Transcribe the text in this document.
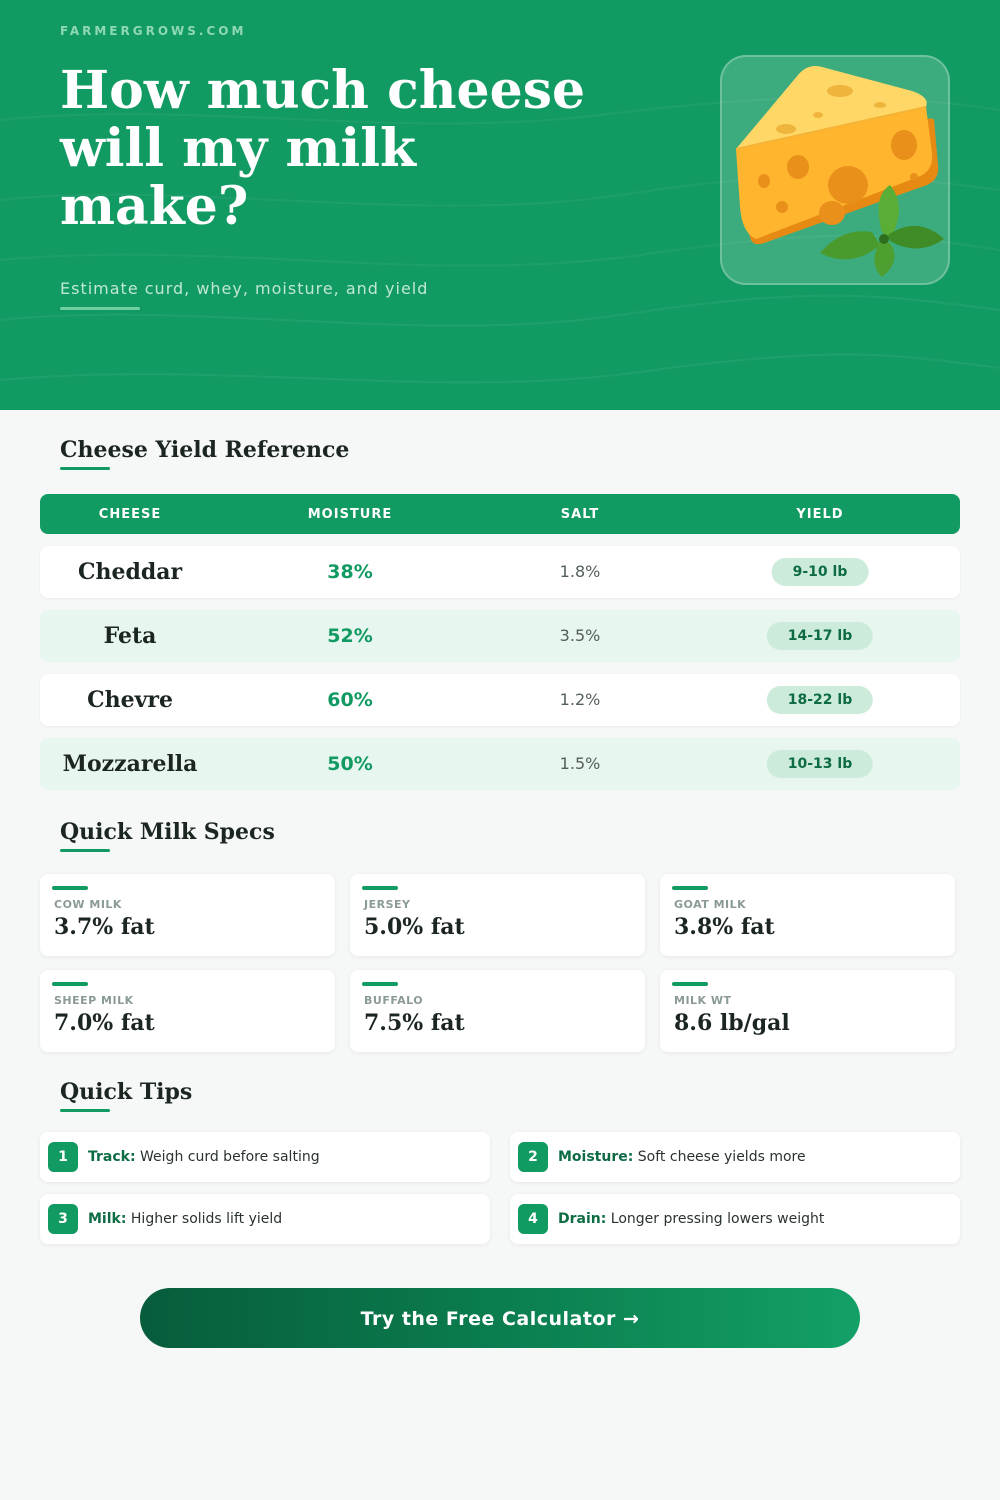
FARMERGROWS.COM
How much cheese will my milk make?
Estimate curd, whey, moisture, and yield
Cheese Yield Reference
CHEESE	MOISTURE	SALT	YIELD
Cheddar	38%	1.8%	9-10 lb
Feta	52%	3.5%	14-17 lb
Chevre	60%	1.2%	18-22 lb
Mozzarella	50%	1.5%	10-13 lb
Quick Milk Specs
COW MILK
3.7% fat
JERSEY
5.0% fat
GOAT MILK
3.8% fat
SHEEP MILK
7.0% fat
BUFFALO
7.5% fat
MILK WT
8.6 lb/gal
Quick Tips
1	Track: Weigh curd before salting	2	Moisture: Soft cheese yields more
3	Milk: Higher solids lift yield	4	Drain: Longer pressing lowers weight
Try the Free Calculator →
